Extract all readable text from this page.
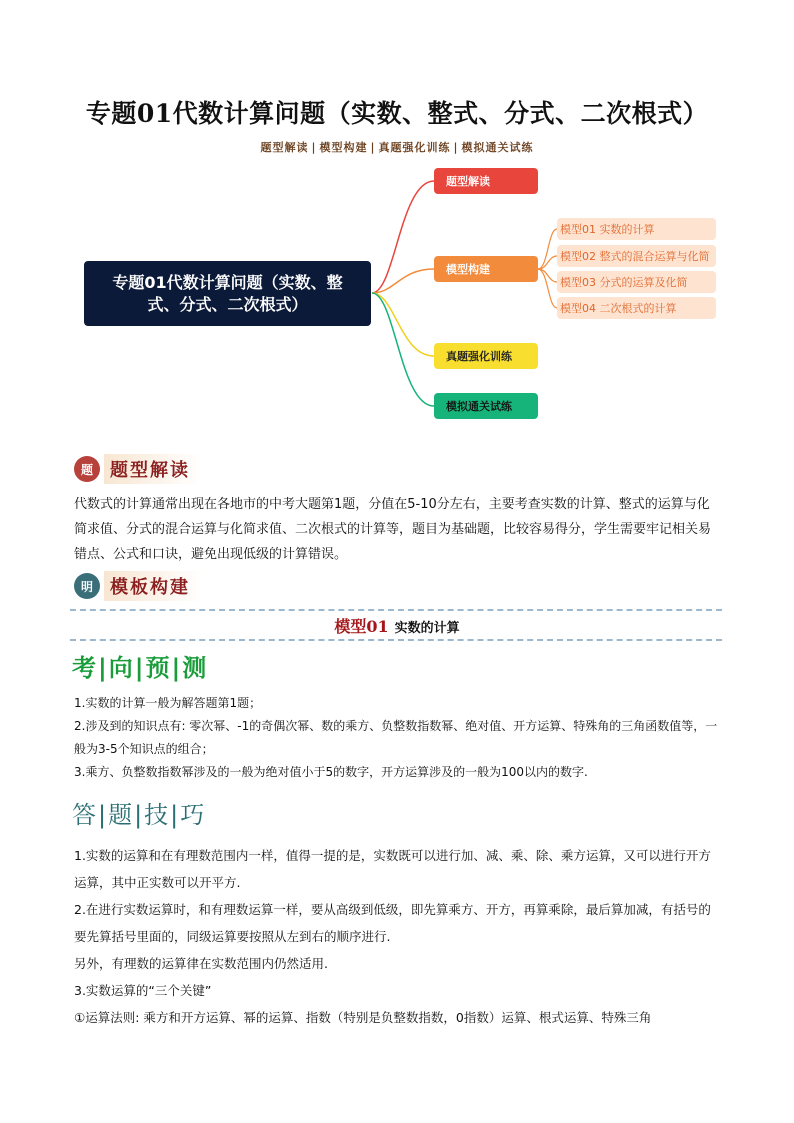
专题01代数计算问题（实数、整式、分式、二次根式）
题型解读 | 模型构建 | 真题强化训练 | 模拟通关试练
专题01代数计算问题（实数、整式、分式、二次根式）
题型解读
模型构建
真题强化训练
模拟通关试练
模型01 实数的计算
模型02 整式的混合运算与化简
模型03 分式的运算及化简
模型04 二次根式的计算
题 题型解读
代数式的计算通常出现在各地市的中考大题第1题，分值在5-10分左右，主要考查实数的计算、整式的运算与化简求值、分式的混合运算与化简求值、二次根式的计算等，题目为基础题，比较容易得分，学生需要牢记相关易错点、公式和口诀，避免出现低级的计算错误。
明 模板构建
模型01 实数的计算
考|向|预|测
1.实数的计算一般为解答题第1题；
2.涉及到的知识点有: 零次幂、-1的奇偶次幂、数的乘方、负整数指数幂、绝对值、开方运算、特殊角的三角函数值等，一般为3-5个知识点的组合；
3.乘方、负整数指数幂涉及的一般为绝对值小于5的数字，开方运算涉及的一般为100以内的数字.
答|题|技|巧
1.实数的运算和在有理数范围内一样，值得一提的是，实数既可以进行加、减、乘、除、乘方运算，又可以进行开方运算，其中正实数可以开平方.
2.在进行实数运算时，和有理数运算一样，要从高级到低级，即先算乘方、开方，再算乘除，最后算加减，有括号的要先算括号里面的，同级运算要按照从左到右的顺序进行.
另外，有理数的运算律在实数范围内仍然适用.
3.实数运算的“三个关键”
①运算法则: 乘方和开方运算、幂的运算、指数（特别是负整数指数，0指数）运算、根式运算、特殊三角
